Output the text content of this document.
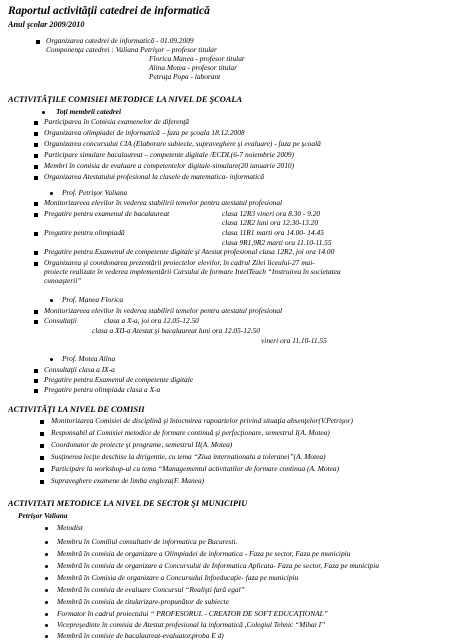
Raportul activităţii catedrei de informatică
Anul şcolar 2009/2010
Organizarea catedrei de informatică - 01.09.2009
Componenţa catedrei : Valiana Petrişor – profesor titular
Florica Manea - profesor titular
Alina Motea - profesor titular
Petruţa Popa - laborant
ACTIVITĂŢILE COMISIEI METODICE LA NIVEL DE ŞCOALA
Toţi membrii catedrei
Participarea în Comisia examenelor de diferenţă
Organizarea olimpiadei de informatică – faza pe şcoala 18.12.2008
Organizarea concursului CIA (Elaborare subiecte, supraveghere şi evaluare) - faza pe şcoală
Participare simulare bacalaureat – competente digitale /ECDL(6-7 noiembrie 2009)
Membri în comisia de evaluare a competentelor digitale-simulare(20 ianuarie 2010)
Organizarea Atestatului profesional la clasele de matematica- informatică
Prof. Petrişor Valiana
Monitorizareea elevilor în vederea stabilirii temelor pentru atestatul profesional
Pregatire pentru examenul de bacalaureat	clasa 12R3 vineri ora 8.30 - 9.20
clasa 12R2 luni ora 12.30-13.20
Pregatire pentru olimpiadă	clasa 11R1 marti ora 14.00- 14.45
clasa 9R1,9R2 marti ora 11.10-11.55
Pregatire pentru Examenul de competente digitale şi Atestat profesional clasa 12R2, joi ora 14.00
Organizarea şi coordonarea prezentării proiectelor elevilor, în cadrul Zilei liceului-27 mai-
proiecte realizate în vederea implementării Cursului de formare IntelTeach “Instruirea în societatea
cunoaşterii”
Prof. Manea Florica
Monitorizareea elevilor în vederea stabilirii temelor pentru atestatul profesional
Consultaţii	clasa a X-a, joi ora 12.05-12.50
clasa a XII-a Atestat şi bacalaureat luni ora 12.05-12.50
vineri ora 11.10-11.55
Prof. Motea Alina
Consultaţii clasa a IX-a
Pregatire pentru Examenul de competente digitale
Pregatire pentru olimpiada clasa a X-a
ACTIVITĂŢI LA NIVEL DE COMISII
Monitorizarea Comisiei de disciplină şi întocmirea rapoartelor privind situaţia absenţelor(V.Petrişor)
Responsabil al Comisiei metodice de formare continuă şi perfecţionare, semestrul I(A. Motea)
Coordonator de proiecte şi programe, semestrul II(A. Motea)
Susţinerea lecţie deschise la dirigentie, cu tema “Ziua internationala a toleranei”(A. Motea)
Participare la workshop-ul cu tema “Managementul activitatilor de formare continua (A. Motea)
Supraveghere examene de limba engleza(F. Manea)
ACTIVITATI METODICE LA NIVEL DE SECTOR ŞI MUNICIPIU
Petrişor Valiana
Metodist
Membru în Comiliul consultativ de informatica pe Bucuresti.
Membră în comisia de organizare a Olimpiadei de informatica - Faza pe sector, Faza pe municipiu
Membră în comisia de organizare a Concursului de Informatica Aplicata- Faza pe sector, Faza pe municipiu
Membră în Comisia de organizare a Concursului Infoeducaţie- faza pe municipiu
Membră în comisia de evaluare Concursul “Realişti fară egal”
Membră în comisia de titularizare-propunător de subiecte
Formator în cadrul proiectului “ PROFESORUL - CREATOR DE SOFT EDUCAŢIONAL”
Vicepreşedinte în comisia de Atestat profesional la informatică ,Colegiul Tehnic “Mihai I”
Membră în comisie de bacalaureat-evaluator,proba E d)
